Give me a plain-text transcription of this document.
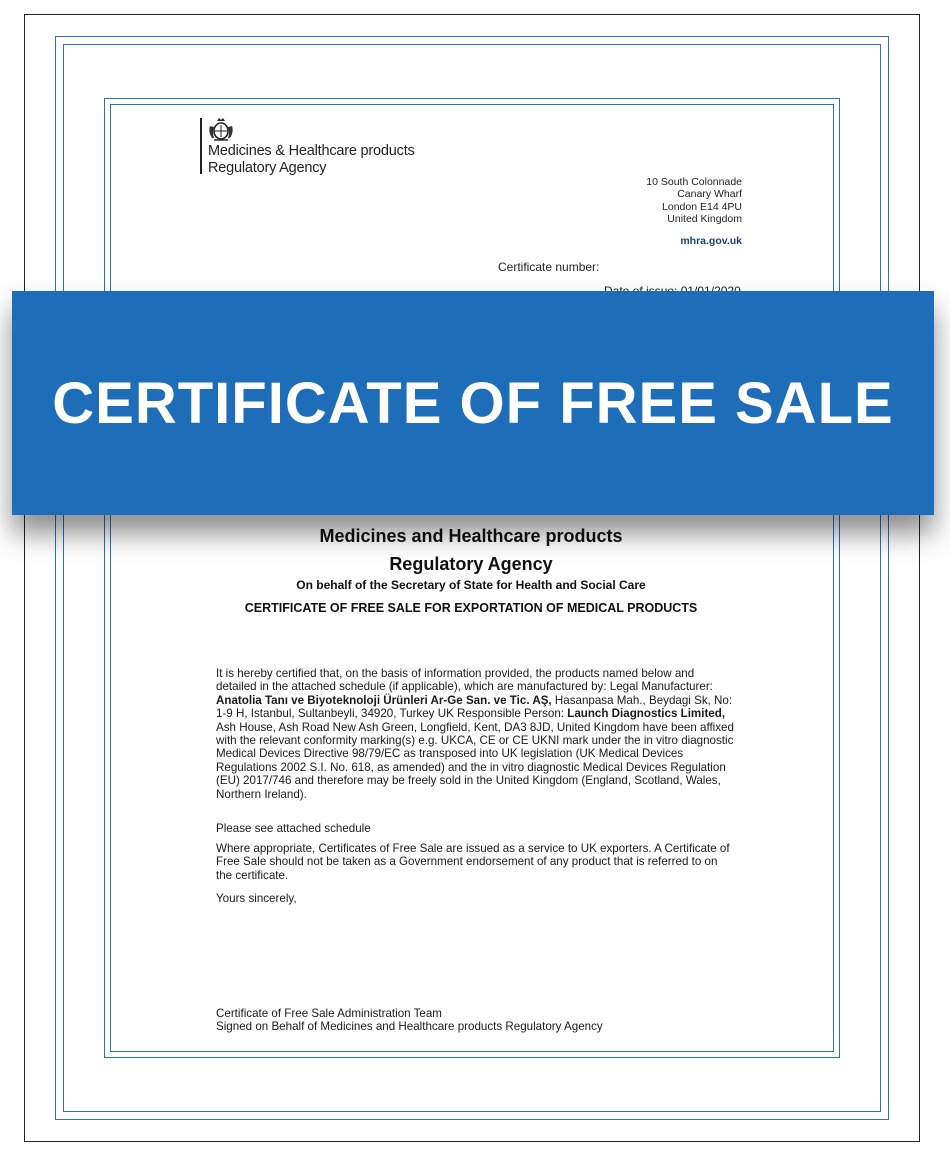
Medicines & Healthcare products
Regulatory Agency
10 South Colonnade
Canary Wharf
London E14 4PU
United Kingdom
mhra.gov.uk
Certificate number:
Medicines and Healthcare products
Regulatory Agency
On behalf of the Secretary of State for Health and Social Care
CERTIFICATE OF FREE SALE FOR EXPORTATION OF MEDICAL PRODUCTS
It is hereby certified that, on the basis of information provided, the products named below and detailed in the attached schedule (if applicable), which are manufactured by: Legal Manufacturer: Anatolia Tanı ve Biyoteknoloji Ürünleri Ar-Ge San. ve Tic. AŞ, Hasanpasa Mah., Beydagi Sk, No: 1-9 H, Istanbul, Sultanbeyli, 34920, Turkey UK Responsible Person: Launch Diagnostics Limited, Ash House, Ash Road New Ash Green, Longfield, Kent, DA3 8JD, United Kingdom have been affixed with the relevant conformity marking(s) e.g. UKCA, CE or CE UKNI mark under the in vitro diagnostic Medical Devices Directive 98/79/EC as transposed into UK legislation (UK Medical Devices Regulations 2002 S.I. No. 618, as amended) and the in vitro diagnostic Medical Devices Regulation (EU) 2017/746 and therefore may be freely sold in the United Kingdom (England, Scotland, Wales, Northern Ireland).
Please see attached schedule
Where appropriate, Certificates of Free Sale are issued as a service to UK exporters. A Certificate of Free Sale should not be taken as a Government endorsement of any product that is referred to on the certificate.
Yours sincerely,
Certificate of Free Sale Administration Team
Signed on Behalf of Medicines and Healthcare products Regulatory Agency
CERTIFICATE OF FREE SALE
